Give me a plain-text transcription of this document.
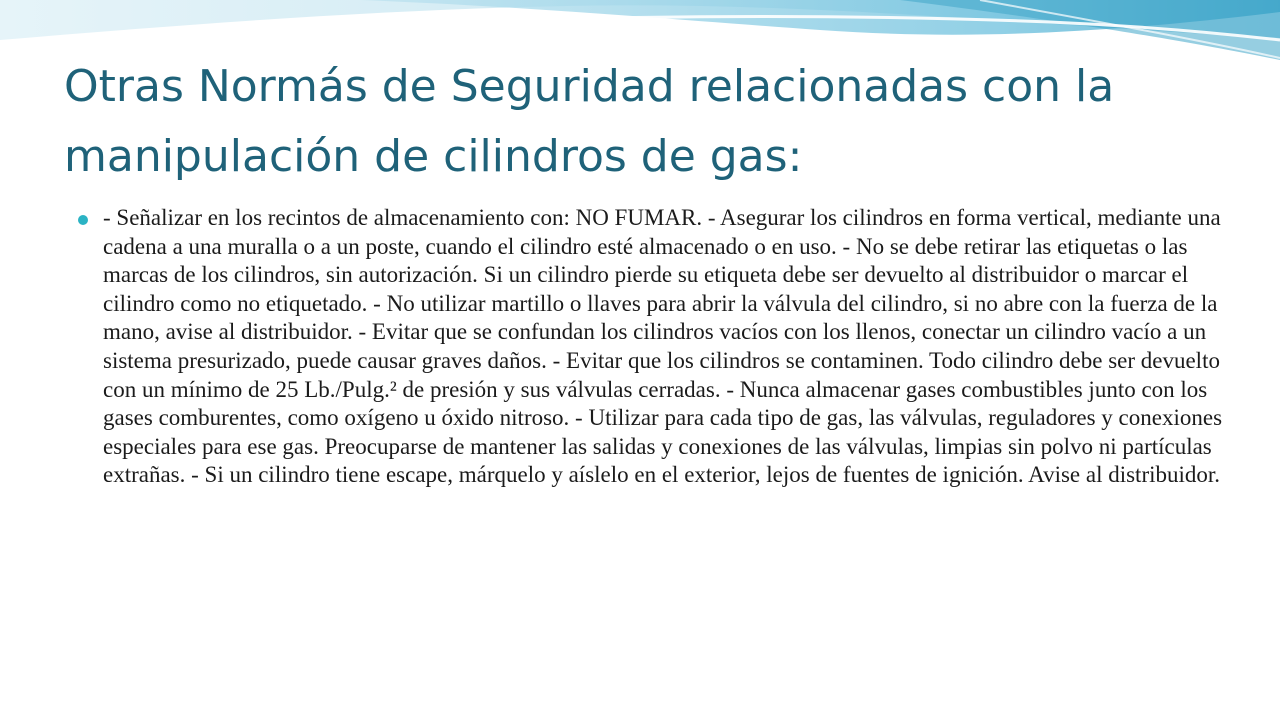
Otras Normás de Seguridad relacionadas con la manipulación de cilindros de gas:
- Señalizar en los recintos de almacenamiento con: NO FUMAR. - Asegurar los cilindros en forma vertical, mediante una cadena a una muralla o a un poste, cuando el cilindro esté almacenado o en uso. - No se debe retirar las etiquetas o las marcas de los cilindros, sin autorización. Si un cilindro pierde su etiqueta debe ser devuelto al distribuidor o marcar el cilindro como no etiquetado. - No utilizar martillo o llaves para abrir la válvula del cilindro, si no abre con la fuerza de la mano, avise al distribuidor. - Evitar que se confundan los cilindros vacíos con los llenos, conectar un cilindro vacío a un sistema presurizado, puede causar graves daños. - Evitar que los cilindros se contaminen. Todo cilindro debe ser devuelto con un mínimo de 25 Lb./Pulg.² de presión y sus válvulas cerradas. - Nunca almacenar gases combustibles junto con los gases comburentes, como oxígeno u óxido nitroso. - Utilizar para cada tipo de gas, las válvulas, reguladores y conexiones especiales para ese gas. Preocuparse de mantener las salidas y conexiones de las válvulas, limpias sin polvo ni partículas extrañas. - Si un cilindro tiene escape, márquelo y aíslelo en el exterior, lejos de fuentes de ignición. Avise al distribuidor.
